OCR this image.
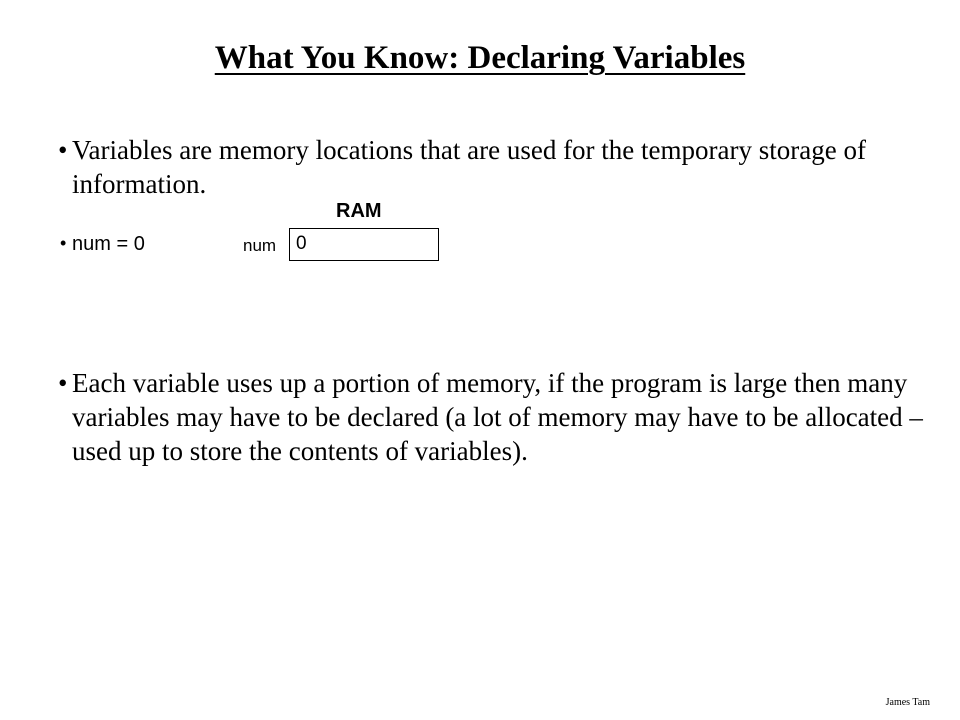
What You Know: Declaring Variables
• Variables are memory locations that are used for the temporary storage of information.
• num = 0
RAM
num 0
• Each variable uses up a portion of memory, if the program is large then many variables may have to be declared (a lot of memory may have to be allocated – used up to store the contents of variables).
James Tam
